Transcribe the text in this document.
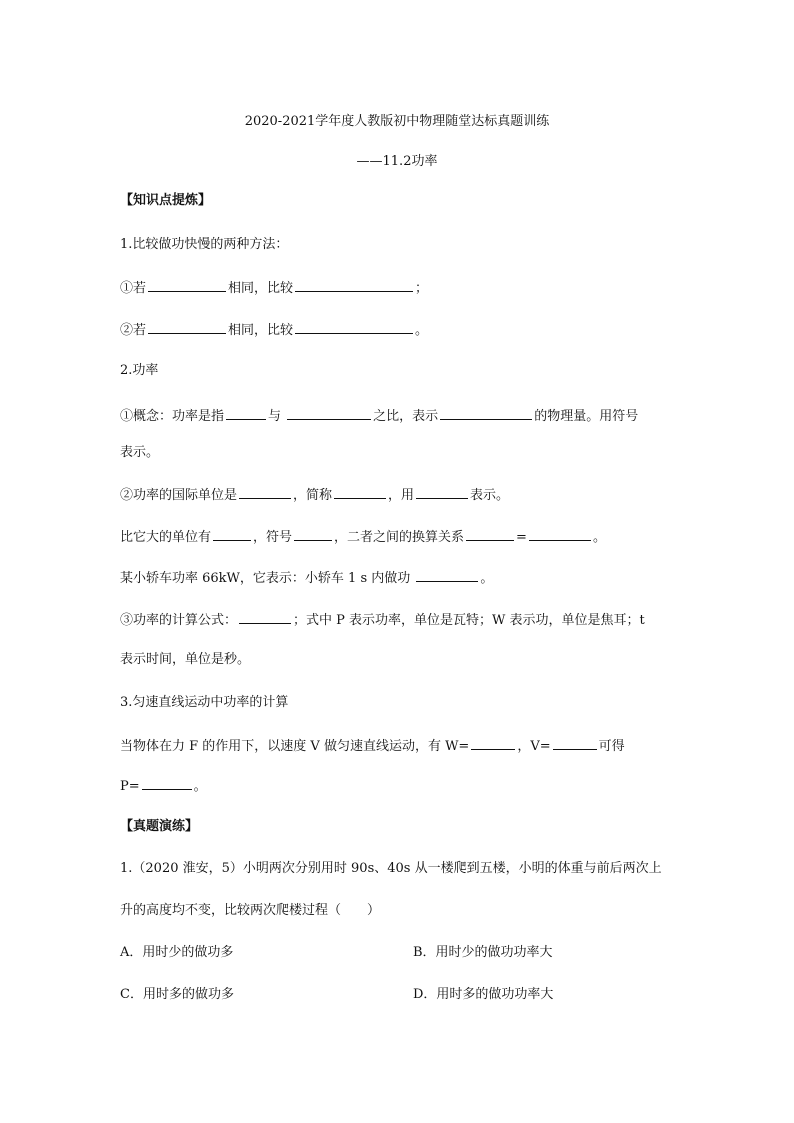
2020-2021学年度人教版初中物理随堂达标真题训练
——11.2功率
【知识点提炼】
1.比较做功快慢的两种方法：
①若	相同，比较	；
②若	相同，比较	。
2.功率
①概念：功率是指	与	之比，表示	的物理量。用符号
表示。
②功率的国际单位是	，简称	，用	表示。
比它大的单位有	，符号	，二者之间的换算关系	=	。
某小轿车功率 66kW，它表示：小轿车 1 s 内做功	。
③功率的计算公式：	；式中 P 表示功率，单位是瓦特；W 表示功，单位是焦耳；t
表示时间，单位是秒。
3.匀速直线运动中功率的计算
当物体在力 F 的作用下，以速度 V 做匀速直线运动，有 W=	，V=	可得
P=	。
【真题演练】
1.（2020 淮安，5）小明两次分别用时 90s、40s 从一楼爬到五楼，小明的体重与前后两次上
升的高度均不变，比较两次爬楼过程（　　）
A．用时少的做功多	B．用时少的做功功率大
C．用时多的做功多	D．用时多的做功功率大
